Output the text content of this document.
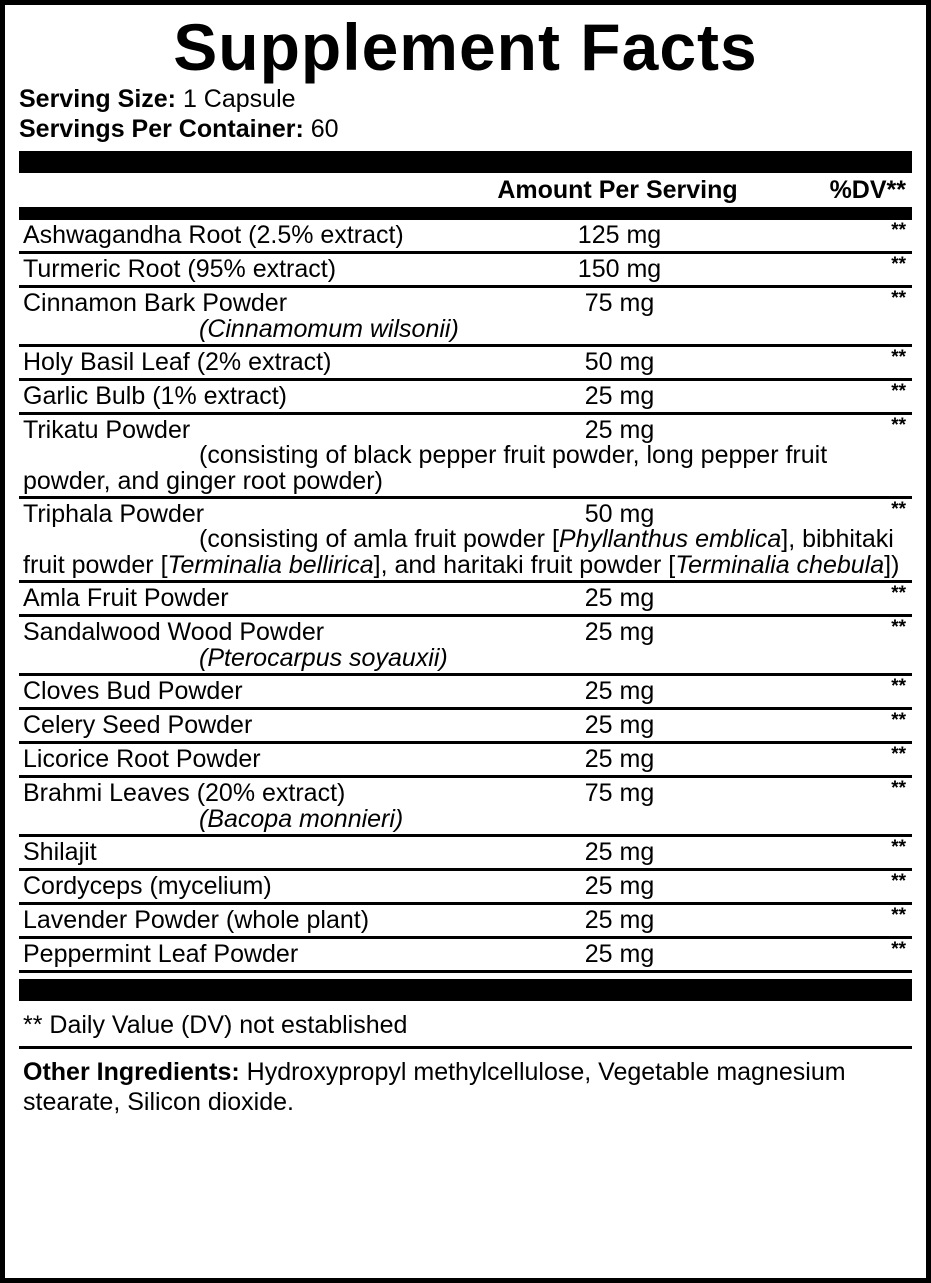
Supplement Facts
Serving Size: 1 Capsule
Servings Per Container: 60
Amount Per Serving	%DV**
Ashwagandha Root (2.5% extract)	125 mg	**
Turmeric Root (95% extract)	150 mg	**
Cinnamon Bark Powder	75 mg	**
(Cinnamomum wilsonii)
Holy Basil Leaf (2% extract)	50 mg	**
Garlic Bulb (1% extract)	25 mg	**
Trikatu Powder	25 mg	**
(consisting of black pepper fruit powder, long pepper fruit powder, and ginger root powder)
Triphala Powder	50 mg	**
(consisting of amla fruit powder [Phyllanthus emblica], bibhitaki fruit powder [Terminalia bellirica], and haritaki fruit powder [Terminalia chebula])
Amla Fruit Powder	25 mg	**
Sandalwood Wood Powder	25 mg	**
(Pterocarpus soyauxii)
Cloves Bud Powder	25 mg	**
Celery Seed Powder	25 mg	**
Licorice Root Powder	25 mg	**
Brahmi Leaves (20% extract)	75 mg	**
(Bacopa monnieri)
Shilajit	25 mg	**
Cordyceps (mycelium)	25 mg	**
Lavender Powder (whole plant)	25 mg	**
Peppermint Leaf Powder	25 mg	**
** Daily Value (DV) not established
Other Ingredients: Hydroxypropyl methylcellulose, Vegetable magnesium stearate, Silicon dioxide.
